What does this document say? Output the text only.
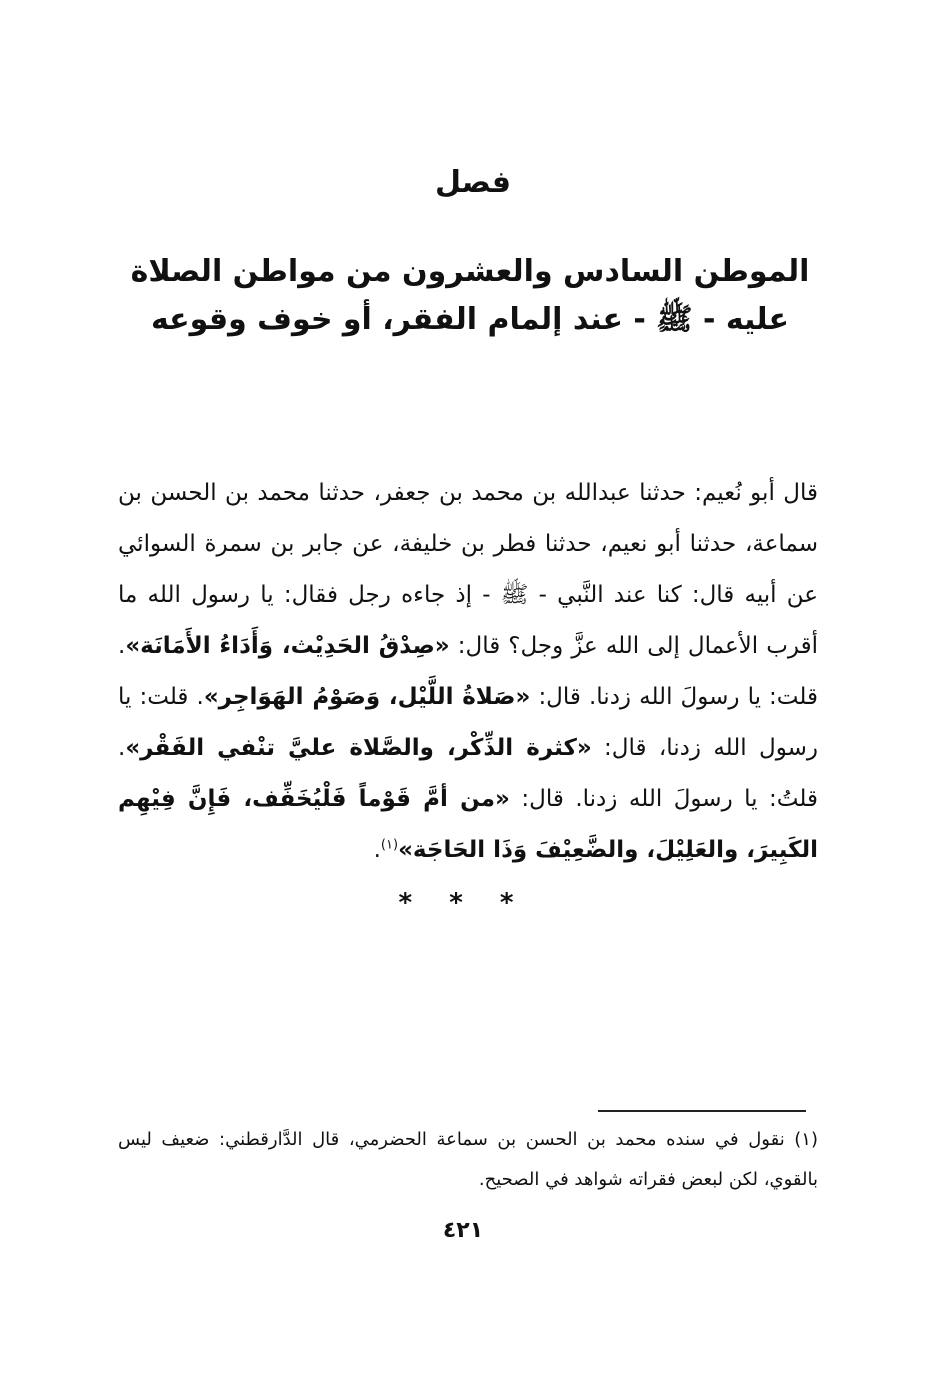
فصل
الموطن السادس والعشرون من مواطن الصلاة عليه - ﷺ - عند إلمام الفقر، أو خوف وقوعه

قال أبو نُعيم: حدثنا عبدالله بن محمد بن جعفر، حدثنا محمد بن الحسن بن سماعة، حدثنا أبو نعيم، حدثنا فطر بن خليفة، عن جابر بن سمرة السوائي عن أبيه قال: كنا عند النَّبي - ﷺ - إذ جاءه رجل فقال: يا رسول الله ما أقرب الأعمال إلى الله عزَّ وجل؟ قال: «صِدْقُ الحَدِيْث، وَأَدَاءُ الأَمَانَة». قلت: يا رسولَ الله زدنا. قال: «صَلاةُ اللَّيْل، وَصَوْمُ الهَوَاجِر». قلت: يا رسول الله زدنا، قال: «كثرة الذِّكْر، والصَّلاة عليَّ تنْفي الفَقْر». قلتُ: يا رسولَ الله زدنا. قال: «من أمَّ قَوْماً فَلْيُخَفِّف، فَإِنَّ فِيْهِم الكَبِيرَ، والعَلِيْلَ، والضَّعِيْفَ وَذَا الحَاجَة»$^{(١)}$.

* * *

(١) نقول في سنده محمد بن الحسن بن سماعة الحضرمي، قال الدَّارقطني: ضعيف ليس بالقوي، لكن لبعض فقراته شواهد في الصحيح.

٤٢١
